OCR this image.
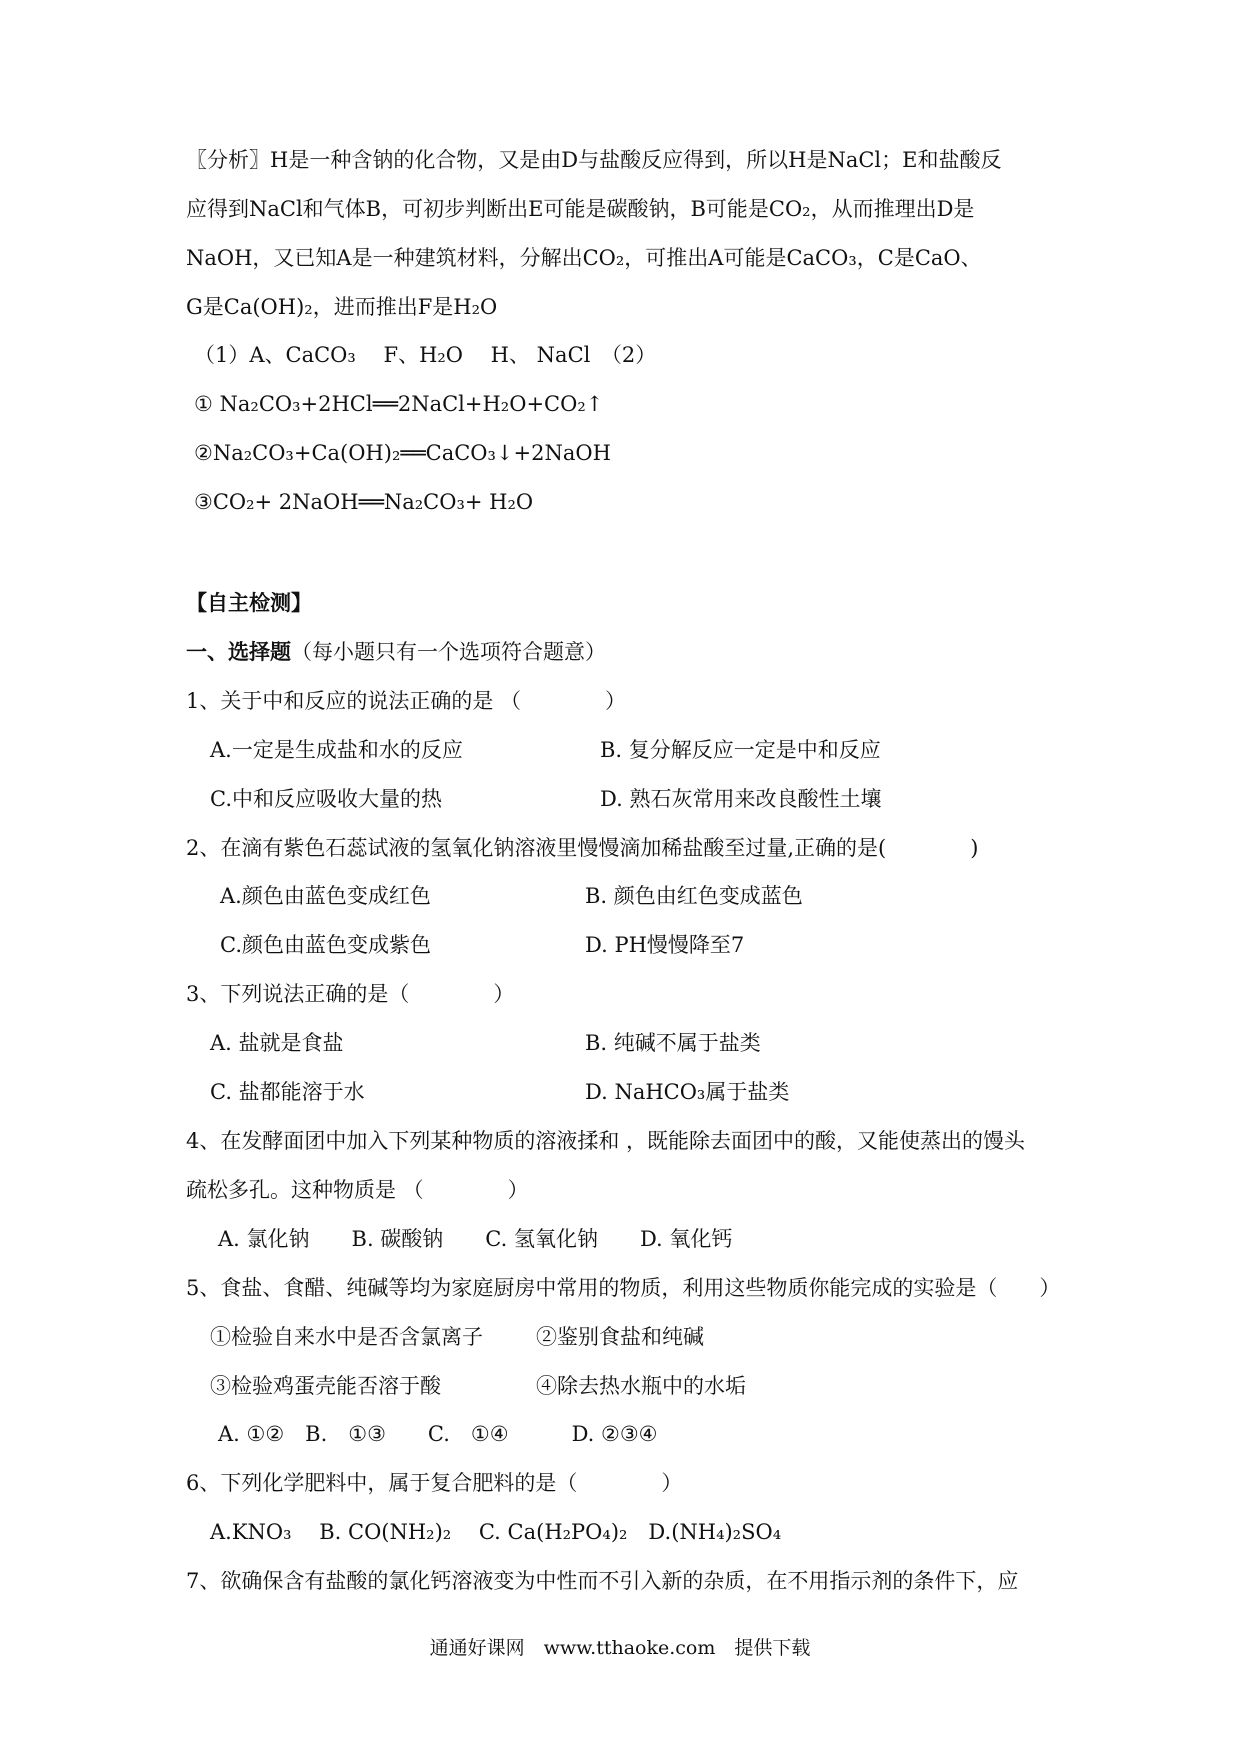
〖分析〗H是一种含钠的化合物，又是由D与盐酸反应得到，所以H是NaCl；E和盐酸反
应得到NaCl和气体B，可初步判断出E可能是碳酸钠，B可能是CO₂，从而推理出D是
NaOH，又已知A是一种建筑材料，分解出CO₂，可推出A可能是CaCO₃，C是CaO、
G是Ca(OH)₂，进而推出F是H₂O
（1）A、CaCO₃　 F、H₂O　 H、 NaCl　（2）
① Na₂CO₃+2HCl══2NaCl+H₂O+CO₂↑
②Na₂CO₃+Ca(OH)₂══CaCO₃↓+2NaOH
③CO₂+ 2NaOH══Na₂CO₃+ H₂O
【自主检测】
一、选择题（每小题只有一个选项符合题意）
1、关于中和反应的说法正确的是 （　　　　）
A.一定是生成盐和水的反应	B. 复分解反应一定是中和反应
C.中和反应吸收大量的热	D. 熟石灰常用来改良酸性土壤
2、在滴有紫色石蕊试液的氢氧化钠溶液里慢慢滴加稀盐酸至过量,正确的是(　　　　)
A.颜色由蓝色变成红色	B. 颜色由红色变成蓝色
C.颜色由蓝色变成紫色	D. PH慢慢降至7
3、下列说法正确的是（　　　　）
A. 盐就是食盐	B. 纯碱不属于盐类
C. 盐都能溶于水	D. NaHCO₃属于盐类
4、在发酵面团中加入下列某种物质的溶液揉和 ，既能除去面团中的酸，又能使蒸出的馒头
疏松多孔。这种物质是 （　　　　）
A. 氯化钠　　B. 碳酸钠　　C. 氢氧化钠　　D. 氧化钙
5、食盐、食醋、纯碱等均为家庭厨房中常用的物质，利用这些物质你能完成的实验是（　　）
①检验自来水中是否含氯离子	②鉴别食盐和纯碱
③检验鸡蛋壳能否溶于酸	④除去热水瓶中的水垢
A. ①②　B.　①③　　C.　①④　　　D. ②③④
6、下列化学肥料中，属于复合肥料的是（　　　　）
A.KNO₃　 B. CO(NH₂)₂　 C. Ca(H₂PO₄)₂　D.(NH₄)₂SO₄
7、欲确保含有盐酸的氯化钙溶液变为中性而不引入新的杂质，在不用指示剂的条件下，应
通通好课网　www.tthaoke.com　提供下载
